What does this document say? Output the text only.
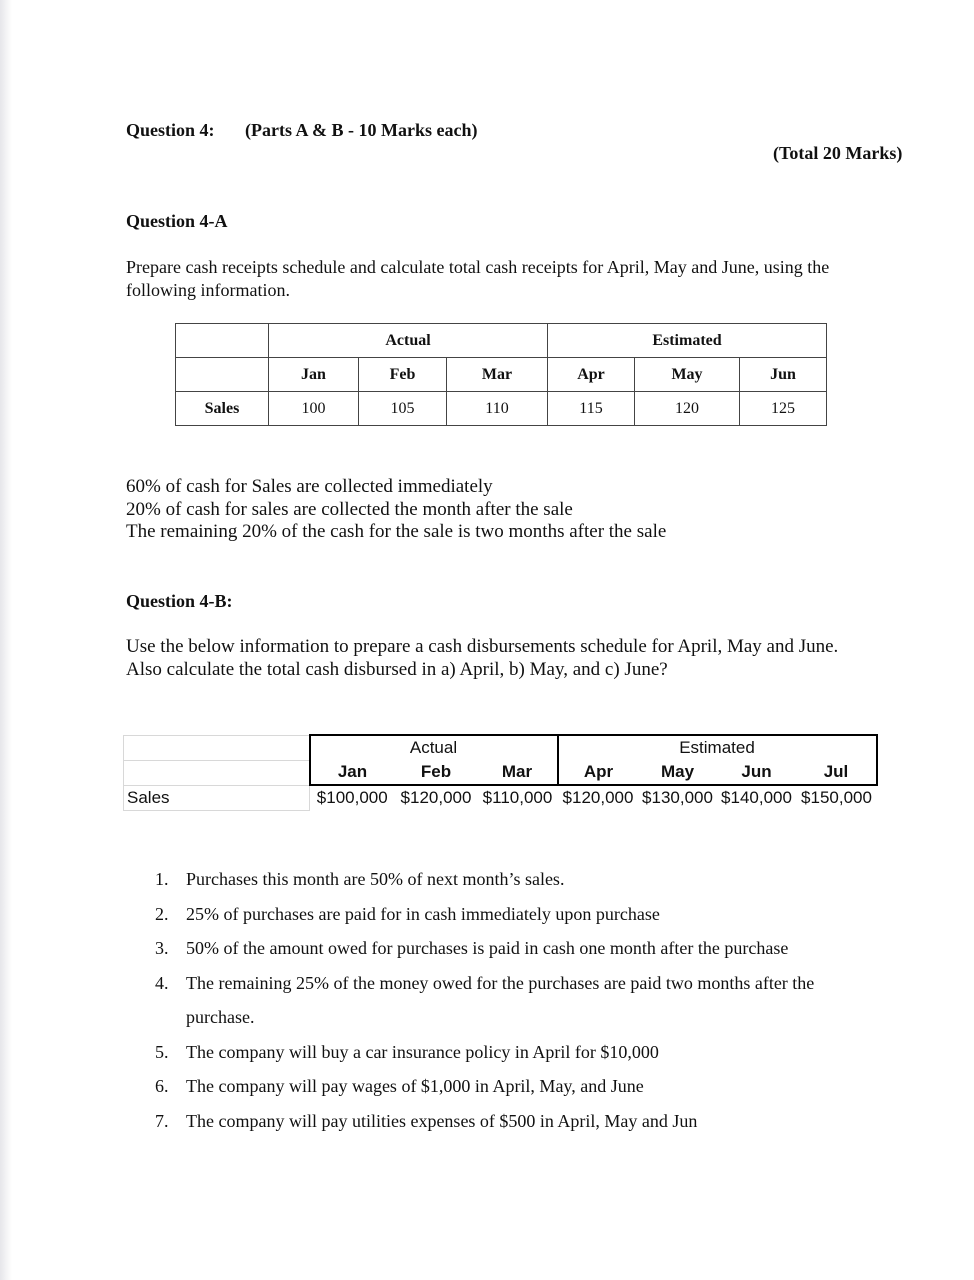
Question 4: (Parts A & B - 10 Marks each)
(Total 20 Marks)
Question 4-A
Prepare cash receipts schedule and calculate total cash receipts for April, May and June, using the
following information.
	Actual			Estimated		
	Jan	Feb	Mar	Apr	May	Jun
Sales	100	105	110	115	120	125
60% of cash for Sales are collected immediately
20% of cash for sales are collected the month after the sale
The remaining 20% of the cash for the sale is two months after the sale
Question 4-B:
Use the below information to prepare a cash disbursements schedule for April, May and June.
Also calculate the total cash disbursed in a) April, b) May, and c) June?
	Actual			Estimated			
	Jan	Feb	Mar	Apr	May	Jun	Jul
Sales	$100,000	$120,000	$110,000	$120,000	$130,000	$140,000	$150,000
1. Purchases this month are 50% of next month’s sales.
2. 25% of purchases are paid for in cash immediately upon purchase
3. 50% of the amount owed for purchases is paid in cash one month after the purchase
4. The remaining 25% of the money owed for the purchases are paid two months after the
purchase.
5. The company will buy a car insurance policy in April for $10,000
6. The company will pay wages of $1,000 in April, May, and June
7. The company will pay utilities expenses of $500 in April, May and Jun
